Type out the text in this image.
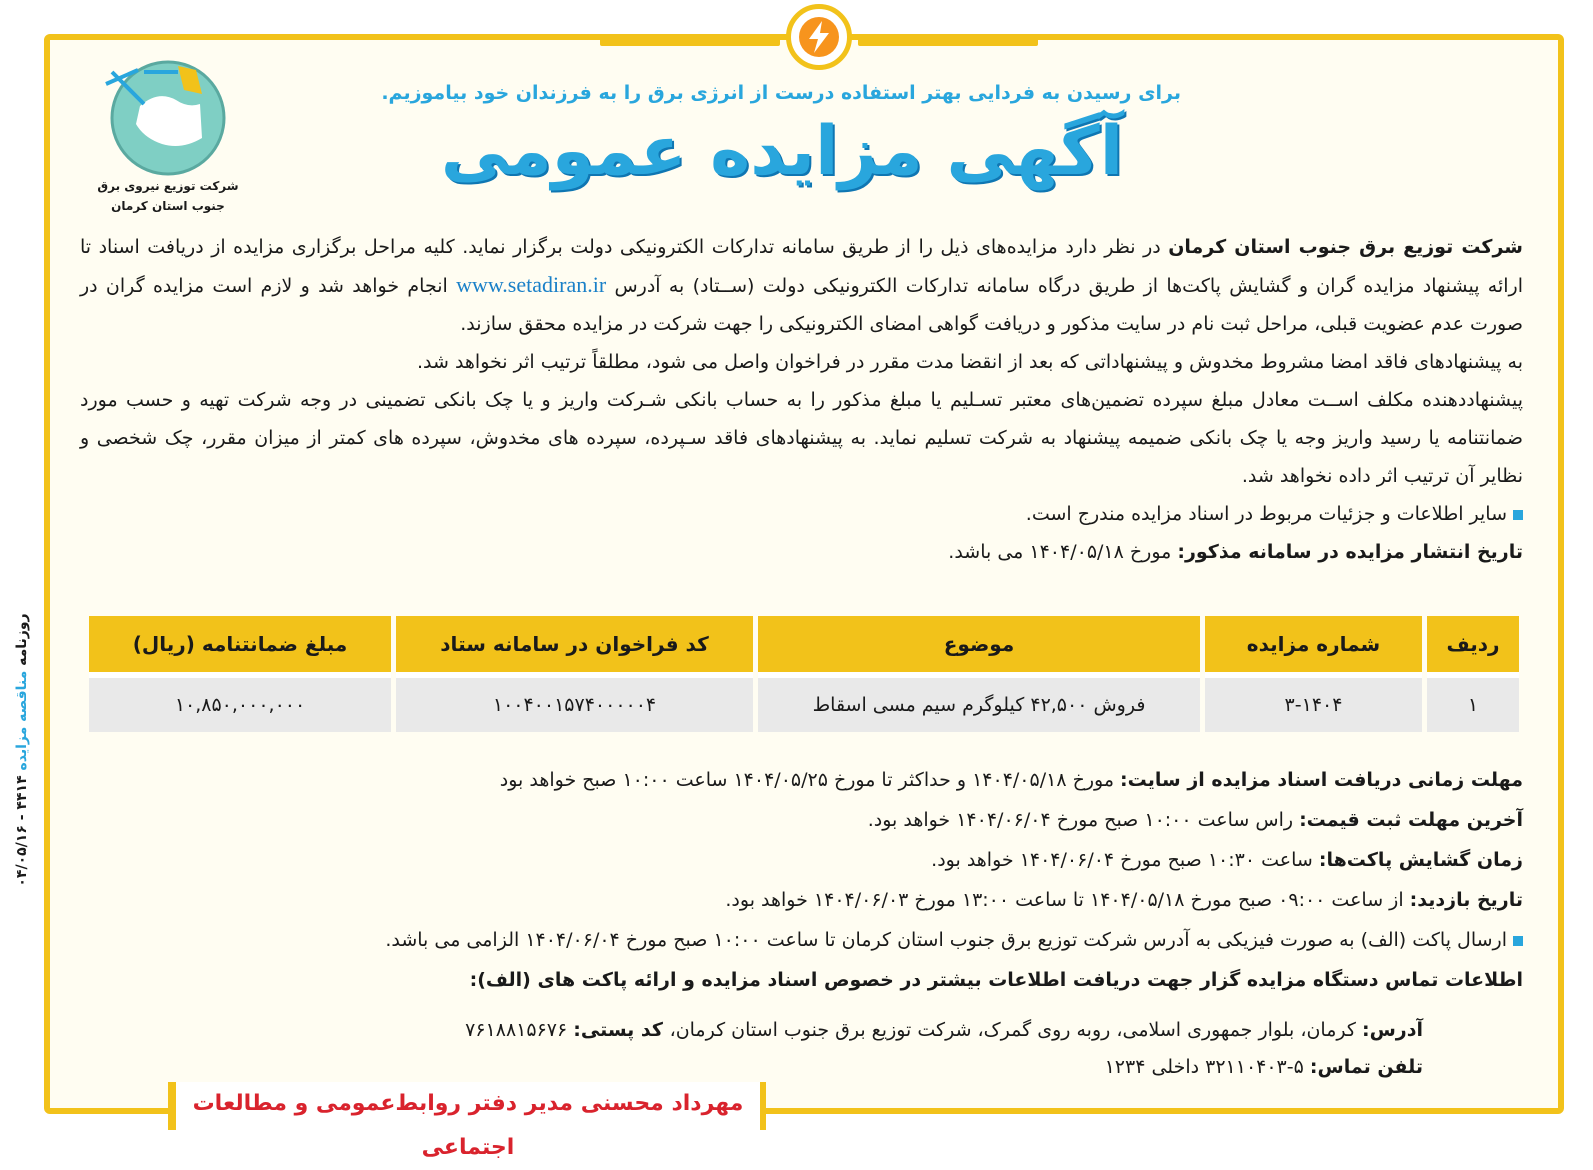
شرکت توزیع نیروی برق
جنوب استان کرمان
برای رسیدن به فردایی بهتر استفاده درست از انرژی برق را به فرزندان خود بیاموزیم.
آگهی مزایده عمومی

شرکت توزیع برق جنوب استان کرمان در نظر دارد مزایده‌های ذیل را از طریق سامانه تدارکات الکترونیکی دولت برگزار نماید. کلیه مراحل برگزاری مزایده از دریافت اسناد تا ارائه پیشنهاد مزایده گران و گشایش پاکت‌ها از طریق درگاه سامانه تدارکات الکترونیکی دولت (ســتاد) به آدرس www.setadiran.ir انجام خواهد شد و لازم است مزایده گران در صورت عدم عضویت قبلی، مراحل ثبت نام در سایت مذکور و دریافت گواهی امضای الکترونیکی را جهت شرکت در مزایده محقق سازند.

به پیشنهادهای فاقد امضا مشروط مخدوش و پیشنهاداتی که بعد از انقضا مدت مقرر در فراخوان واصل می شود، مطلقاً ترتیب اثر نخواهد شد.

پیشنهاددهنده مکلف اســت معادل مبلغ سپرده تضمین‌های معتبر تسـلیم یا مبلغ مذکور را به حساب بانکی شـرکت واریز و یا چک بانکی تضمینی در وجه شرکت تهیه و حسب مورد ضمانتنامه یا رسید واریز وجه یا چک بانکی ضمیمه پیشنهاد به شرکت تسلیم نماید. به پیشنهادهای فاقد سـپرده، سپرده های مخدوش، سپرده های کمتر از میزان مقرر، چک شخصی و نظایر آن ترتیب اثر داده نخواهد شد.

سایر اطلاعات و جزئیات مربوط در اسناد مزایده مندرج است.

تاریخ انتشار مزایده در سامانه مذکور: مورخ ۱۴۰۴/۰۵/۱۸ می باشد.

ردیف	شماره مزایده	موضوع	کد فراخوان در سامانه ستاد	مبلغ ضمانتنامه (ریال)
۱	۳-۱۴۰۴	فروش ۴۲,۵۰۰ کیلوگرم سیم مسی اسقاط	۱۰۰۴۰۰۱۵۷۴۰۰۰۰۰۴	۱۰,۸۵۰,۰۰۰,۰۰۰

مهلت زمانی دریافت اسناد مزایده از سایت: مورخ ۱۴۰۴/۰۵/۱۸ و حداکثر تا مورخ ۱۴۰۴/۰۵/۲۵ ساعت ۱۰:۰۰ صبح خواهد بود

آخرین مهلت ثبت قیمت: راس ساعت ۱۰:۰۰ صبح مورخ ۱۴۰۴/۰۶/۰۴ خواهد بود.

زمان گشایش پاکت‌ها: ساعت ۱۰:۳۰ صبح مورخ ۱۴۰۴/۰۶/۰۴ خواهد بود.

تاریخ بازدید: از ساعت ۰۹:۰۰ صبح مورخ ۱۴۰۴/۰۵/۱۸ تا ساعت ۱۳:۰۰ مورخ ۱۴۰۴/۰۶/۰۳ خواهد بود.

ارسال پاکت (الف) به صورت فیزیکی به آدرس شرکت توزیع برق جنوب استان کرمان تا ساعت ۱۰:۰۰ صبح مورخ ۱۴۰۴/۰۶/۰۴ الزامی می باشد.

اطلاعات تماس دستگاه مزایده گزار جهت دریافت اطلاعات بیشتر در خصوص اسناد مزایده و ارائه پاکت های (الف):

آدرس: کرمان، بلوار جمهوری اسلامی، روبه روی گمرک، شرکت توزیع برق جنوب استان کرمان، کد پستی: ۷۶۱۸۸۱۵۶۷۶

تلفن تماس: ۵-۳۲۱۱۰۴۰۳ داخلی ۱۲۳۴

مهرداد محسنی مدیر دفتر روابط‌عمومی و مطالعات اجتماعی
روزنامه مناقصه مزایده ۴۴۱۴ - ۰۴/۰۵/۱۶
